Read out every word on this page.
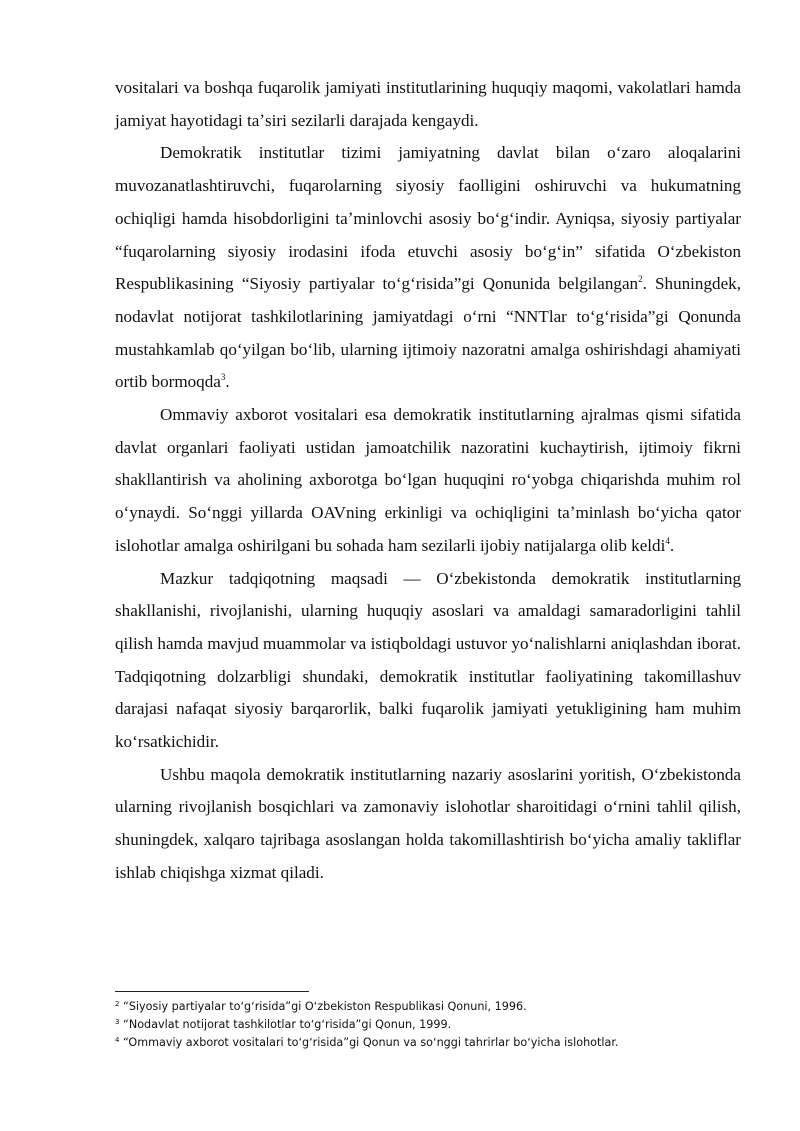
vositalari va boshqa fuqarolik jamiyati institutlarining huquqiy maqomi, vakolatlari hamda jamiyat hayotidagi taʼsiri sezilarli darajada kengaydi.

Demokratik institutlar tizimi jamiyatning davlat bilan oʻzaro aloqalarini muvozanatlashtiruvchi, fuqarolarning siyosiy faolligini oshiruvchi va hukumatning ochiqligi hamda hisobdorligini taʼminlovchi asosiy boʻgʻindir. Ayniqsa, siyosiy partiyalar “fuqarolarning siyosiy irodasini ifoda etuvchi asosiy boʻgʻin” sifatida Oʻzbekiston Respublikasining “Siyosiy partiyalar toʻgʻrisida”gi Qonunida belgilangan$^2$. Shuningdek, nodavlat notijorat tashkilotlarining jamiyatdagi oʻrni “NNTlar toʻgʻrisida”gi Qonunda mustahkamlab qoʻyilgan boʻlib, ularning ijtimoiy nazoratni amalga oshirishdagi ahamiyati ortib bormoqda$^3$.

Ommaviy axborot vositalari esa demokratik institutlarning ajralmas qismi sifatida davlat organlari faoliyati ustidan jamoatchilik nazoratini kuchaytirish, ijtimoiy fikrni shakllantirish va aholining axborotga boʻlgan huquqini roʻyobga chiqarishda muhim rol oʻynaydi. Soʻnggi yillarda OAVning erkinligi va ochiqligini taʼminlash boʻyicha qator islohotlar amalga oshirilgani bu sohada ham sezilarli ijobiy natijalarga olib keldi$^4$.

Mazkur tadqiqotning maqsadi — Oʻzbekistonda demokratik institutlarning shakllanishi, rivojlanishi, ularning huquqiy asoslari va amaldagi samaradorligini tahlil qilish hamda mavjud muammolar va istiqboldagi ustuvor yoʻnalishlarni aniqlashdan iborat. Tadqiqotning dolzarbligi shundaki, demokratik institutlar faoliyatining takomillashuv darajasi nafaqat siyosiy barqarorlik, balki fuqarolik jamiyati yetukligining ham muhim koʻrsatkichidir.

Ushbu maqola demokratik institutlarning nazariy asoslarini yoritish, Oʻzbekistonda ularning rivojlanish bosqichlari va zamonaviy islohotlar sharoitidagi oʻrnini tahlil qilish, shuningdek, xalqaro tajribaga asoslangan holda takomillashtirish boʻyicha amaliy takliflar ishlab chiqishga xizmat qiladi.

$^2$ “Siyosiy partiyalar toʻgʻrisida”gi Oʻzbekiston Respublikasi Qonuni, 1996.

$^3$ “Nodavlat notijorat tashkilotlar toʻgʻrisida”gi Qonun, 1999.

$^4$ “Ommaviy axborot vositalari toʻgʻrisida”gi Qonun va soʻnggi tahrirlar boʻyicha islohotlar.
